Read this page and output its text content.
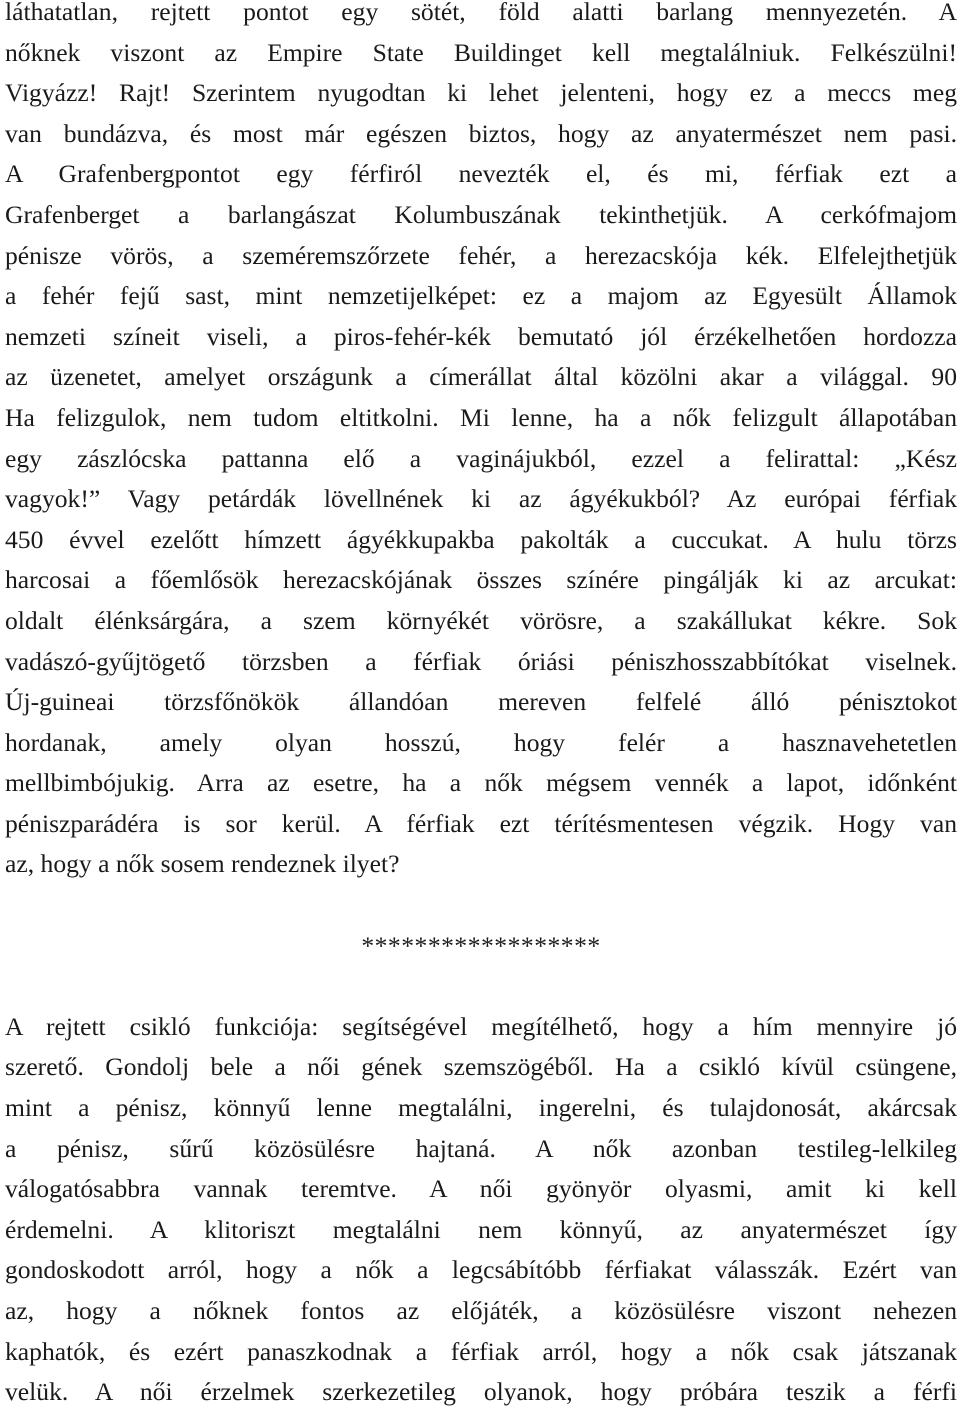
láthatatlan, rejtett pontot egy sötét, föld alatti barlang mennyezetén. A
nőknek viszont az Empire State Buildinget kell megtalálniuk. Felkészülni!
Vigyázz! Rajt! Szerintem nyugodtan ki lehet jelenteni, hogy ez a meccs meg
van bundázva, és most már egészen biztos, hogy az anyatermészet nem pasi.
A Grafenbergpontot egy férfiról nevezték el, és mi, férfiak ezt a
Grafenberget a barlangászat Kolumbuszának tekinthetjük. A cerkófmajom
pénisze vörös, a szeméremszőrzete fehér, a herezacskója kék. Elfelejthetjük
a fehér fejű sast, mint nemzetijelképet: ez a majom az Egyesült Államok
nemzeti színeit viseli, a piros-fehér-kék bemutató jól érzékelhetően hordozza
az üzenetet, amelyet országunk a címerállat által közölni akar a világgal. 90
Ha felizgulok, nem tudom eltitkolni. Mi lenne, ha a nők felizgult állapotában
egy zászlócska pattanna elő a vaginájukból, ezzel a felirattal: „Kész
vagyok!” Vagy petárdák lövellnének ki az ágyékukból? Az európai férfiak
450 évvel ezelőtt hímzett ágyékkupakba pakolták a cuccukat. A hulu törzs
harcosai a főemlősök herezacskójának összes színére pingálják ki az arcukat:
oldalt élénksárgára, a szem környékét vörösre, a szakállukat kékre. Sok
vadászó-gyűjtögető törzsben a férfiak óriási péniszhosszabbítókat viselnek.
Új-guineai törzsfőnökök állandóan mereven felfelé álló pénisztokot
hordanak, amely olyan hosszú, hogy felér a hasznavehetetlen
mellbimbójukig. Arra az esetre, ha a nők mégsem vennék a lapot, időnként
péniszparádéra is sor kerül. A férfiak ezt térítésmentesen végzik. Hogy van
az, hogy a nők sosem rendeznek ilyet?
******************
A rejtett csikló funkciója: segítségével megítélhető, hogy a hím mennyire jó
szerető. Gondolj bele a női gének szemszögéből. Ha a csikló kívül csüngene,
mint a pénisz, könnyű lenne megtalálni, ingerelni, és tulajdonosát, akárcsak
a pénisz, sűrű közösülésre hajtaná. A nők azonban testileg-lelkileg
válogatósabbra vannak teremtve. A női gyönyör olyasmi, amit ki kell
érdemelni. A klitoriszt megtalálni nem könnyű, az anyatermészet így
gondoskodott arról, hogy a nők a legcsábítóbb férfiakat válasszák. Ezért van
az, hogy a nőknek fontos az előjáték, a közösülésre viszont nehezen
kaphatók, és ezért panaszkodnak a férfiak arról, hogy a nők csak játszanak
velük. A női érzelmek szerkezetileg olyanok, hogy próbára teszik a férfi
